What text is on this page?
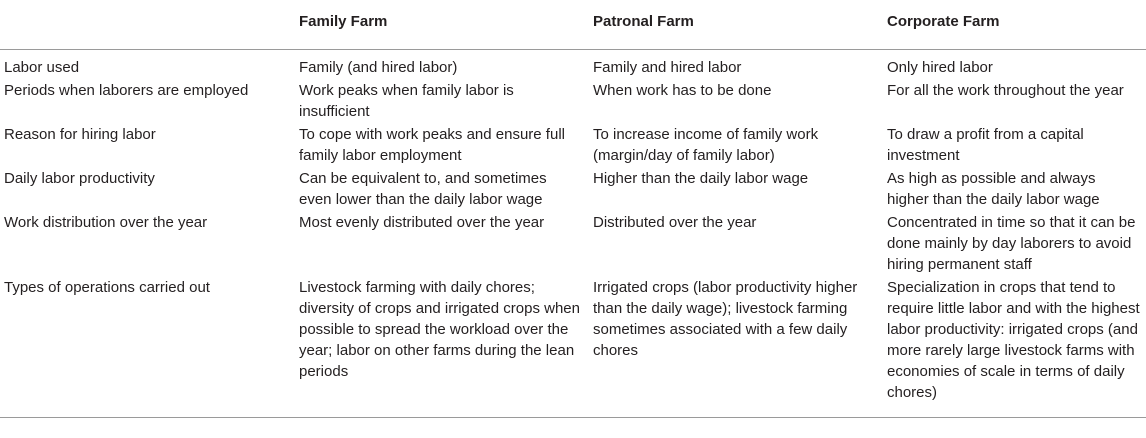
	Family Farm	Patronal Farm	Corporate Farm
Labor used	Family (and hired labor)	Family and hired labor	Only hired labor
Periods when laborers are employed	Work peaks when family labor is insufficient	When work has to be done	For all the work throughout the year
Reason for hiring labor	To cope with work peaks and ensure full family labor employment	To increase income of family work (margin/day of family labor)	To draw a profit from a capital investment
Daily labor productivity	Can be equivalent to, and sometimes even lower than the daily labor wage	Higher than the daily labor wage	As high as possible and always higher than the daily labor wage
Work distribution over the year	Most evenly distributed over the year	Distributed over the year	Concentrated in time so that it can be done mainly by day laborers to avoid hiring permanent staff
Types of operations carried out	Livestock farming with daily chores; diversity of crops and irrigated crops when possible to spread the workload over the year; labor on other farms during the lean periods	Irrigated crops (labor productivity higher than the daily wage); livestock farming sometimes associated with a few daily chores	Specialization in crops that tend to require little labor and with the highest labor productivity: irrigated crops (and more rarely large livestock farms with economies of scale in terms of daily chores)
